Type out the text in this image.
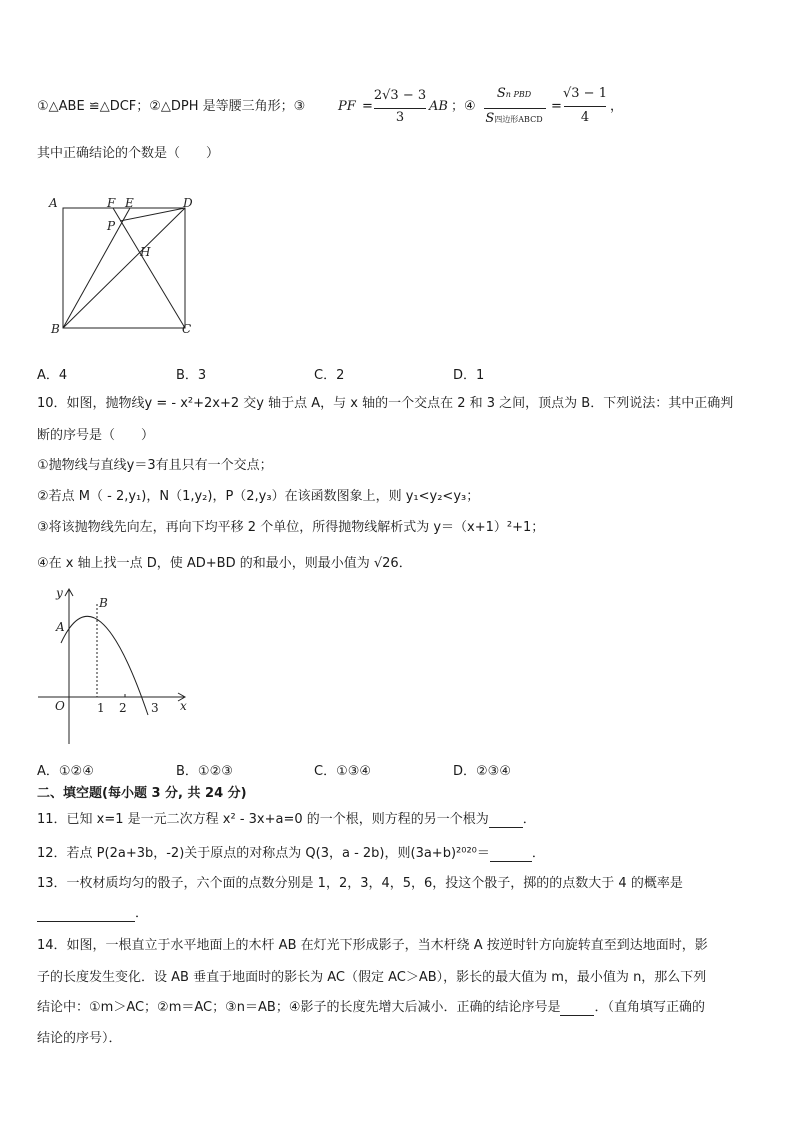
①△ABE ≌△DCF；②△DPH 是等腰三角形；③	PF =
2√3 − 3
3
AB ；④
Sn PBD
S四边形ABCD
=
√3 − 1
4
，
其中正确结论的个数是（　　）
A	F E	D
P
H
B	C
A．4	B．3	C．2	D．1
10．如图，抛物线y = - x²+2x+2 交y 轴于点 A，与 x 轴的一个交点在 2 和 3 之间，顶点为 B．下列说法：其中正确判
断的序号是（　　）
①抛物线与直线y＝3有且只有一个交点；
②若点 M（ - 2,y₁)，N（1,y₂)，P（2,y₃）在该函数图象上，则 y₁<y₂<y₃；
③将该抛物线先向左，再向下均平移 2 个单位，所得抛物线解析式为 y＝（x+1）²+1；
④在 x 轴上找一点 D，使 AD+BD 的和最小，则最小值为 √26．
y
x
O
A
B
1 2 3
A．①②④	B．①②③	C．①③④	D．②③④
二、填空题(每小题 3 分, 共 24 分)
11．已知 x=1 是一元二次方程 x² - 3x+a=0 的一个根，则方程的另一个根为	．
12．若点 P(2a+3b，-2)关于原点的对称点为 Q(3，a - 2b)，则(3a+b)²⁰²⁰＝	．
13．一枚材质均匀的骰子，六个面的点数分别是 1，2，3，4，5，6，投这个骰子，掷的的点数大于 4 的概率是
．
14．如图，一根直立于水平地面上的木杆 AB 在灯光下形成影子，当木杆绕 A 按逆时针方向旋转直至到达地面时，影
子的长度发生变化．设 AB 垂直于地面时的影长为 AC（假定 AC＞AB），影长的最大值为 m，最小值为 n，那么下列
结论中：①m＞AC；②m＝AC；③n＝AB；④影子的长度先增大后减小．正确的结论序号是	．（直角填写正确的
结论的序号）．
